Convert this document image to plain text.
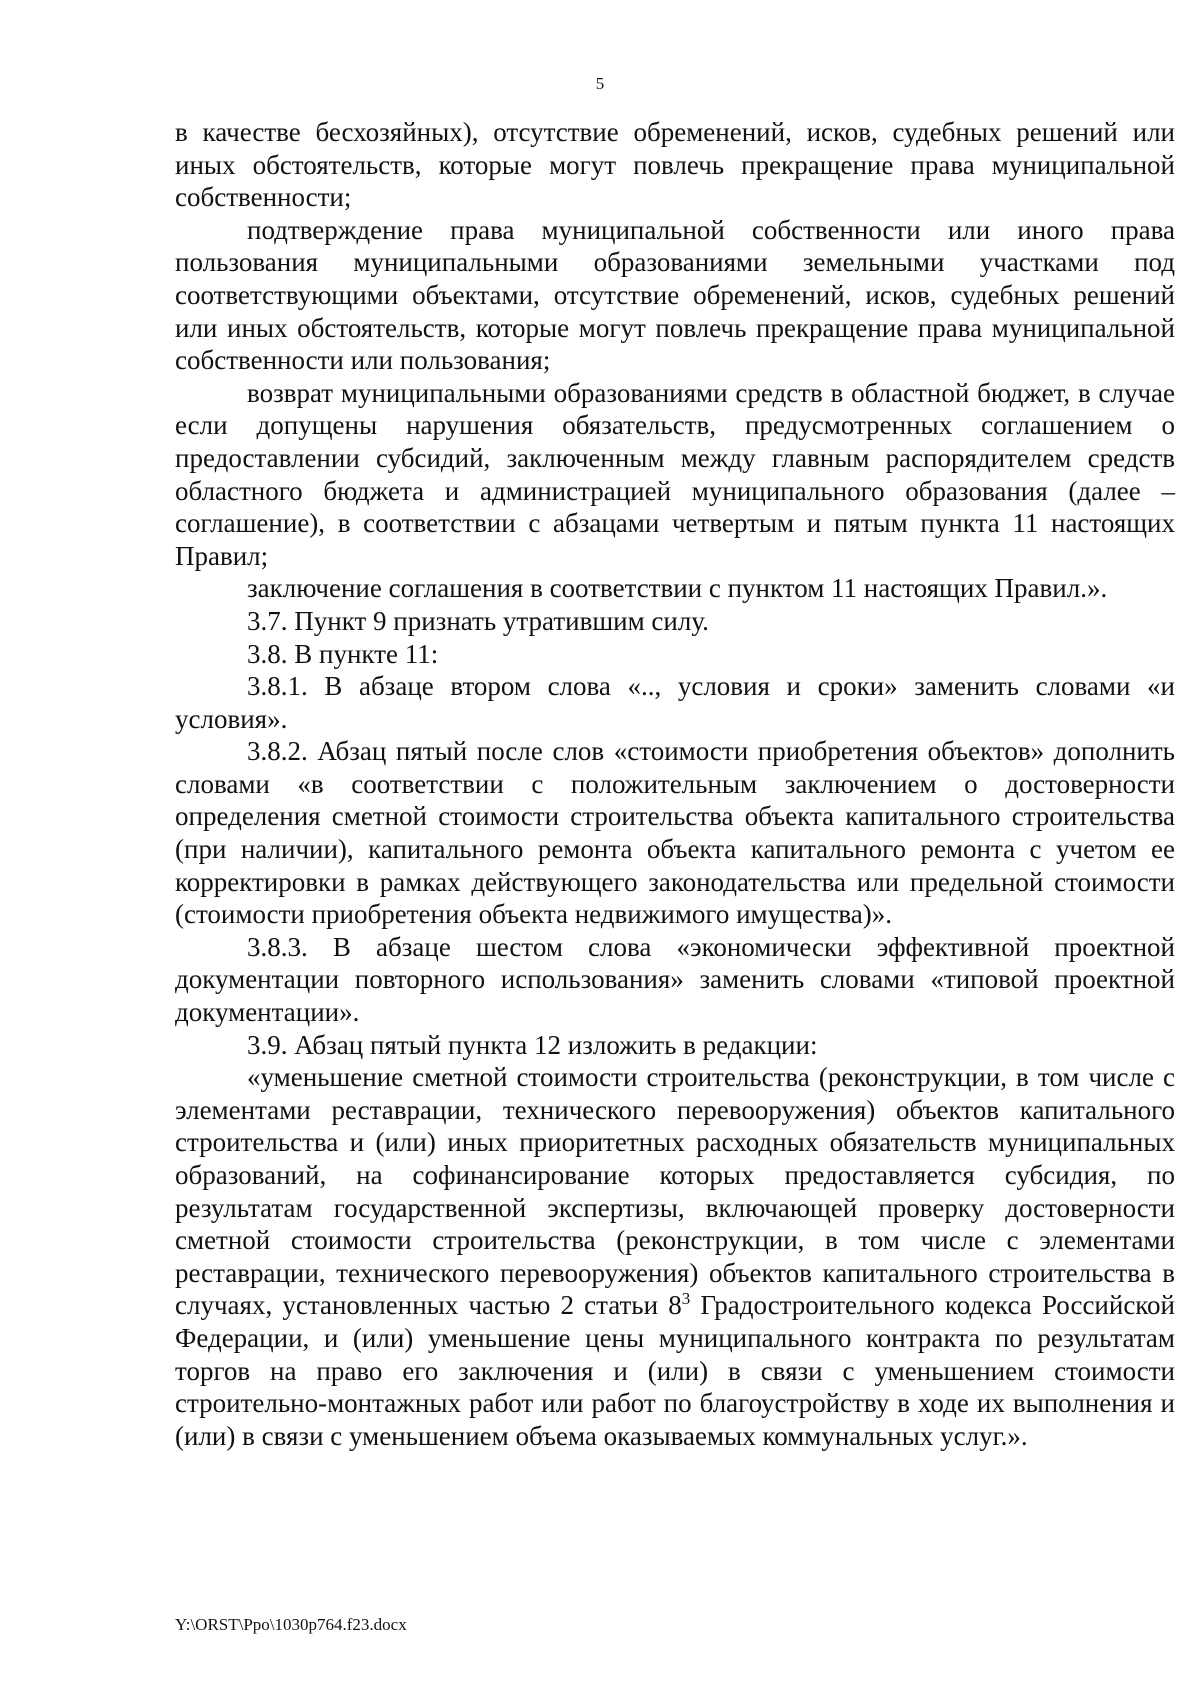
5

в качестве бесхозяйных), отсутствие обременений, исков, судебных решений или иных обстоятельств, которые могут повлечь прекращение права муниципальной собственности;

подтверждение права муниципальной собственности или иного права пользования муниципальными образованиями земельными участками под соответствующими объектами, отсутствие обременений, исков, судебных решений или иных обстоятельств, которые могут повлечь прекращение права муниципальной собственности или пользования;

возврат муниципальными образованиями средств в областной бюджет, в случае если допущены нарушения обязательств, предусмотренных соглашением о предоставлении субсидий, заключенным между главным распорядителем средств областного бюджета и администрацией муниципального образования (далее – соглашение), в соответствии с абзацами четвертым и пятым пункта 11 настоящих Правил;

заключение соглашения в соответствии с пунктом 11 настоящих Правил.».

3.7. Пункт 9 признать утратившим силу.

3.8. В пункте 11:

3.8.1. В абзаце втором слова «.., условия и сроки» заменить словами «и условия».

3.8.2. Абзац пятый после слов «стоимости приобретения объектов» дополнить словами «в соответствии с положительным заключением о достоверности определения сметной стоимости строительства объекта капитального строительства (при наличии), капитального ремонта объекта капитального ремонта с учетом ее корректировки в рамках действующего законодательства или предельной стоимости (стоимости приобретения объекта недвижимого имущества)».

3.8.3. В абзаце шестом слова «экономически эффективной проектной документации повторного использования» заменить словами «типовой проектной документации».

3.9. Абзац пятый пункта 12 изложить в редакции:

«уменьшение сметной стоимости строительства (реконструкции, в том числе с элементами реставрации, технического перевооружения) объектов капитального строительства и (или) иных приоритетных расходных обязательств муниципальных образований, на софинансирование которых предоставляется субсидия, по результатам государственной экспертизы, включающей проверку достоверности сметной стоимости строительства (реконструкции, в том числе с элементами реставрации, технического перевооружения) объектов капитального строительства в случаях, установленных частью 2 статьи $8^3$ Градостроительного кодекса Российской Федерации, и (или) уменьшение цены муниципального контракта по результатам торгов на право его заключения и (или) в связи с уменьшением стоимости строительно-монтажных работ или работ по благоустройству в ходе их выполнения и (или) в связи с уменьшением объема оказываемых коммунальных услуг.».

Y:\ORST\Ppo\1030p764.f23.docx
